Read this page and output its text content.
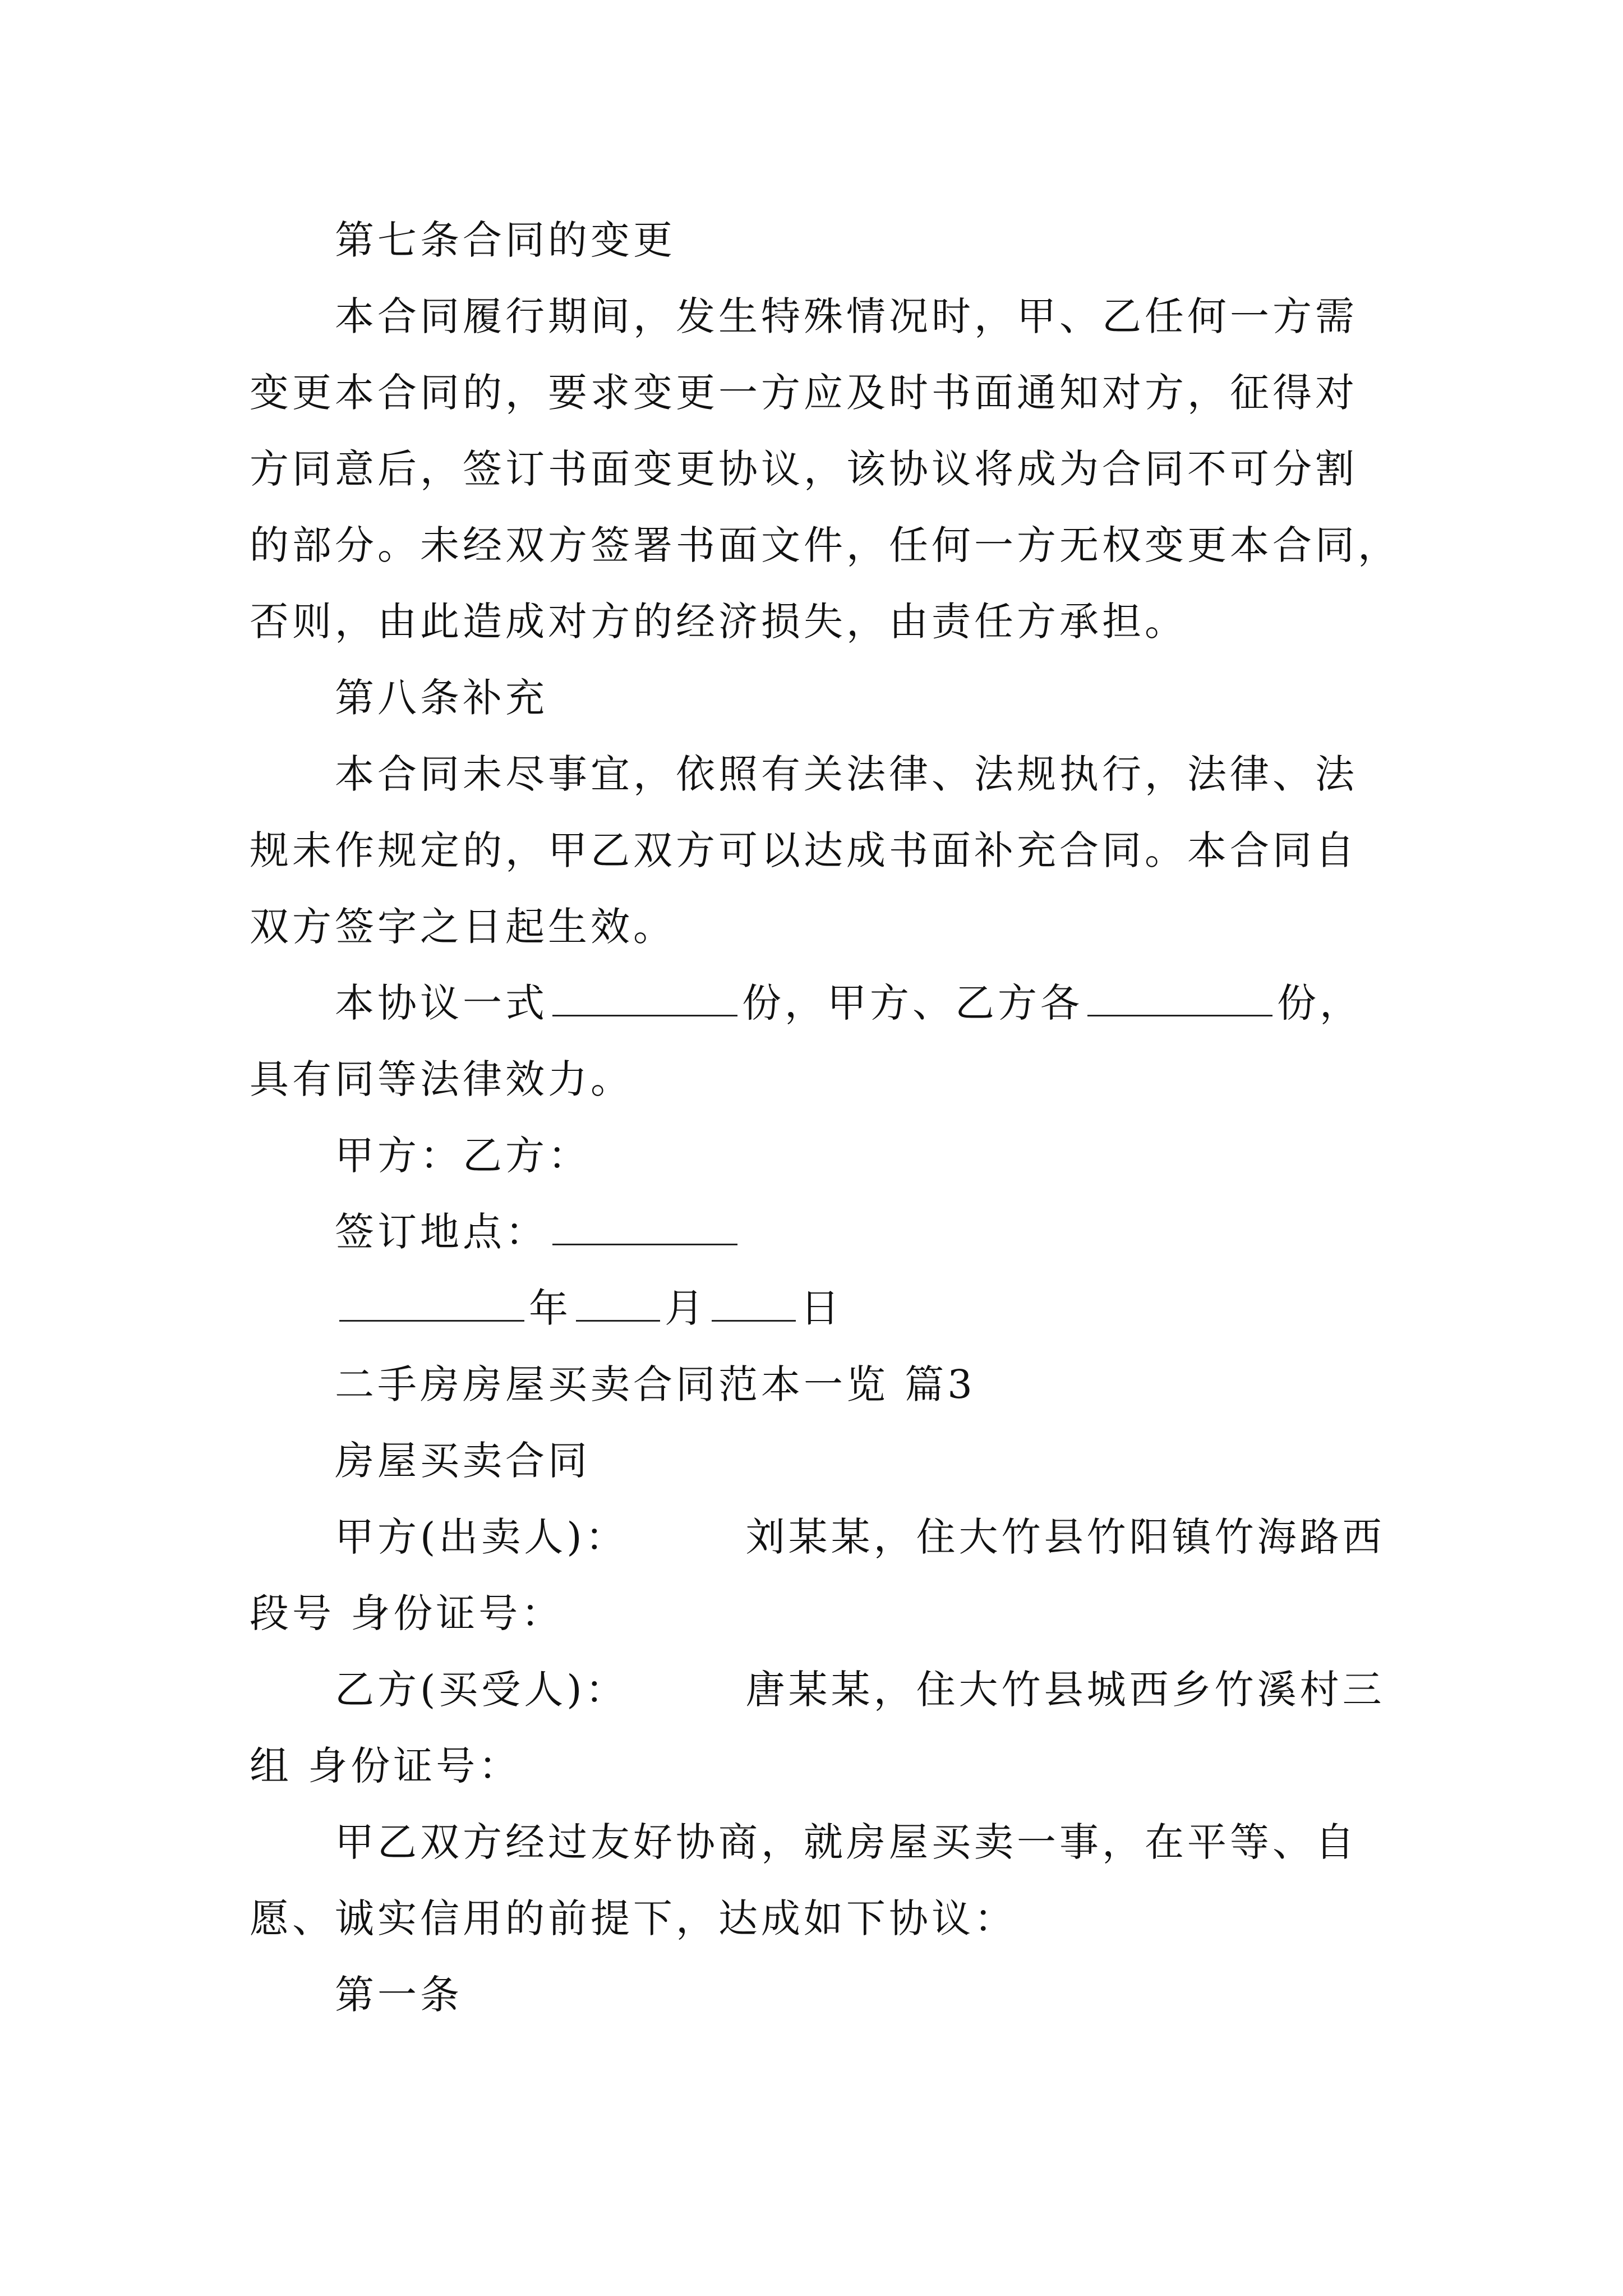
第七条合同的变更
本合同履行期间，发生特殊情况时，甲、乙任何一方需
变更本合同的，要求变更一方应及时书面通知对方，征得对
方同意后，签订书面变更协议，该协议将成为合同不可分割
的部分。未经双方签署书面文件，任何一方无权变更本合同，
否则，由此造成对方的经济损失，由责任方承担。
第八条补充
本合同未尽事宜，依照有关法律、法规执行，法律、法
规未作规定的，甲乙双方可以达成书面补充合同。本合同自
双方签字之日起生效。
本协议一式	份，甲方、乙方各	份，
具有同等法律效力。
甲方：乙方：
签订地点：
年 月 日
二手房房屋买卖合同范本一览 篇3
房屋买卖合同
甲方(出卖人)：	刘某某，住大竹县竹阳镇竹海路西
段号 身份证号：
乙方(买受人)：	唐某某，住大竹县城西乡竹溪村三
组 身份证号：
甲乙双方经过友好协商，就房屋买卖一事，在平等、自
愿、诚实信用的前提下，达成如下协议：
第一条
